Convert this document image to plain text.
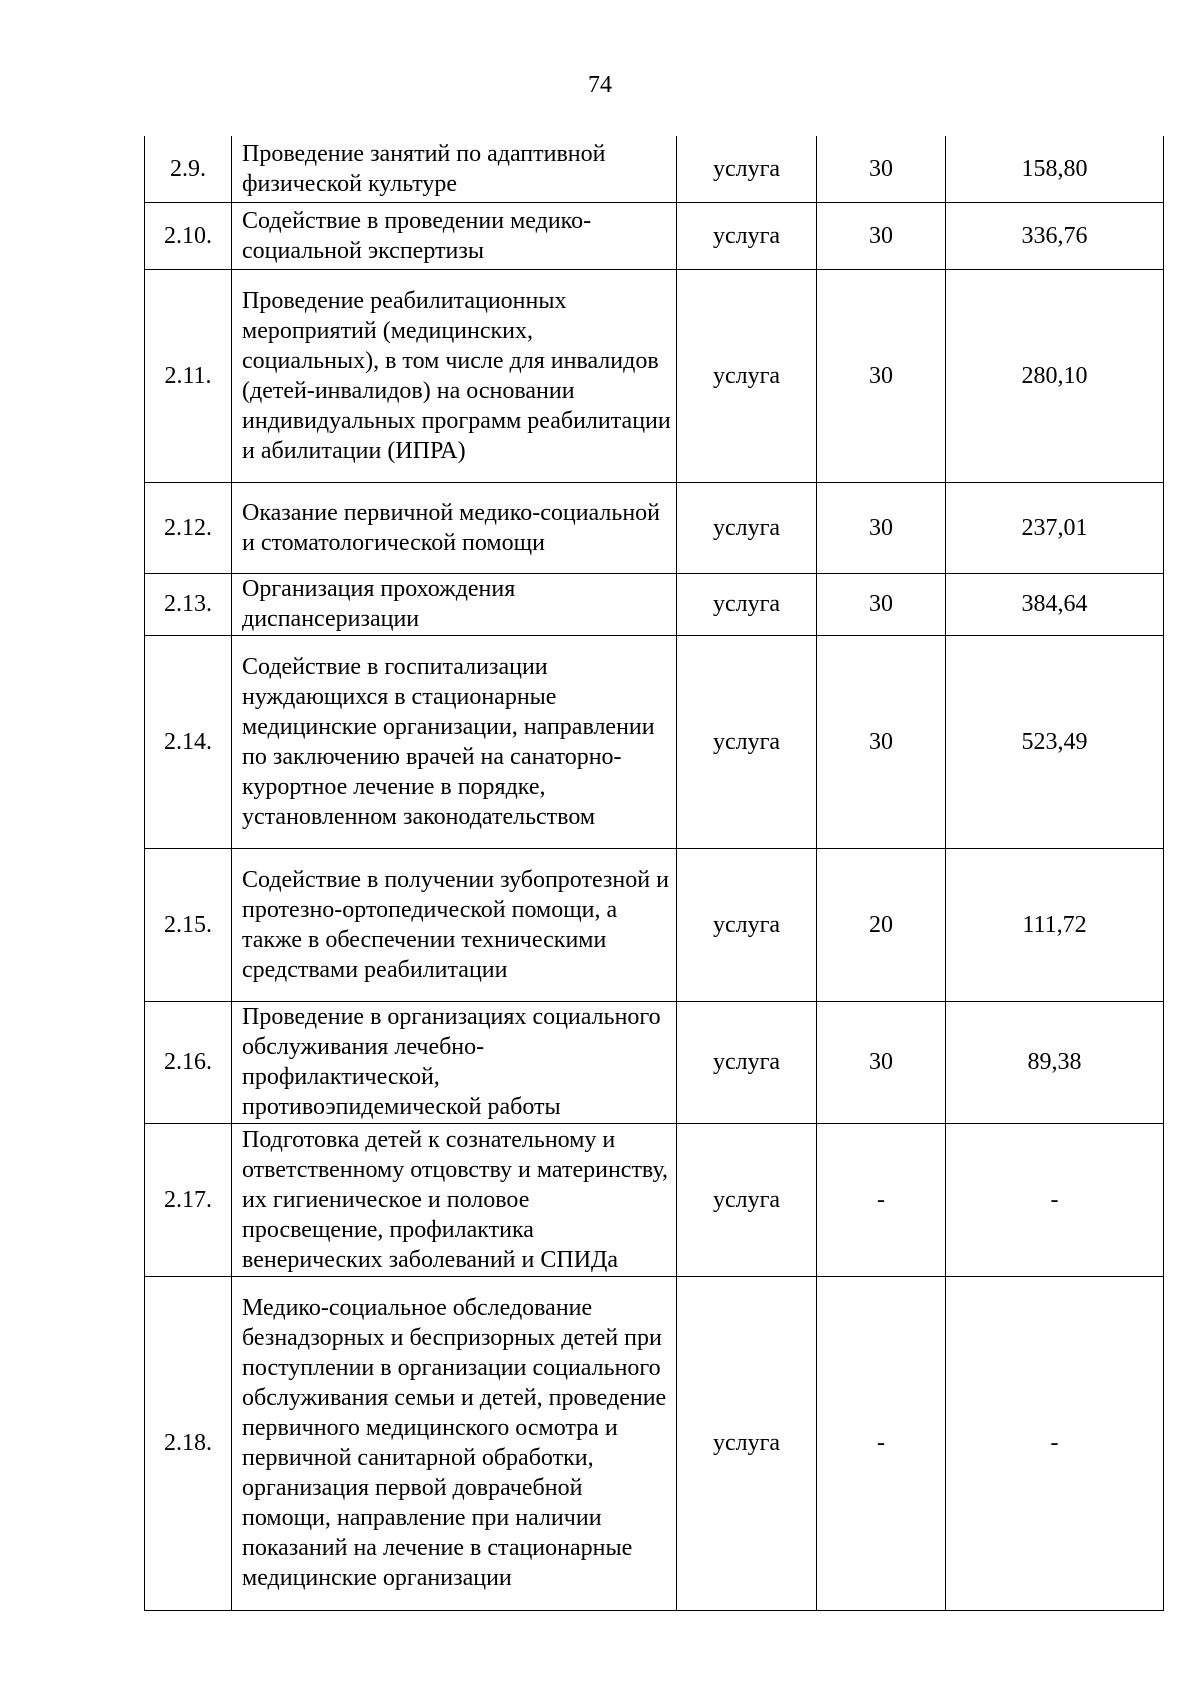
74
2.9.	Проведение занятий по адаптивной физической культуре	услуга	30	158,80
2.10.	Содействие в проведении медико-социальной экспертизы	услуга	30	336,76
2.11.	Проведение реабилитационных мероприятий (медицинских, социальных), в том числе для инвалидов (детей-инвалидов) на основании индивидуальных программ реабилитации и абилитации (ИПРА)	услуга	30	280,10
2.12.	Оказание первичной медико-социальной и стоматологической помощи	услуга	30	237,01
2.13.	Организация прохождения диспансеризации	услуга	30	384,64
2.14.	Содействие в госпитализации нуждающихся в стационарные медицинские организации, направлении по заключению врачей на санаторно-курортное лечение в порядке, установленном законодательством	услуга	30	523,49
2.15.	Содействие в получении зубопротезной и протезно-ортопедической помощи, а также в обеспечении техническими средствами реабилитации	услуга	20	111,72
2.16.	Проведение в организациях социального обслуживания лечебно-профилактической, противоэпидемической работы	услуга	30	89,38
2.17.	Подготовка детей к сознательному и ответственному отцовству и материнству, их гигиеническое и половое просвещение, профилактика венерических заболеваний и СПИДа	услуга	-	-
2.18.	Медико-социальное обследование безнадзорных и беспризорных детей при поступлении в организации социального обслуживания семьи и детей, проведение первичного медицинского осмотра и первичной санитарной обработки, организация первой доврачебной помощи, направление при наличии показаний на лечение в стационарные медицинские организации	услуга	-	-
